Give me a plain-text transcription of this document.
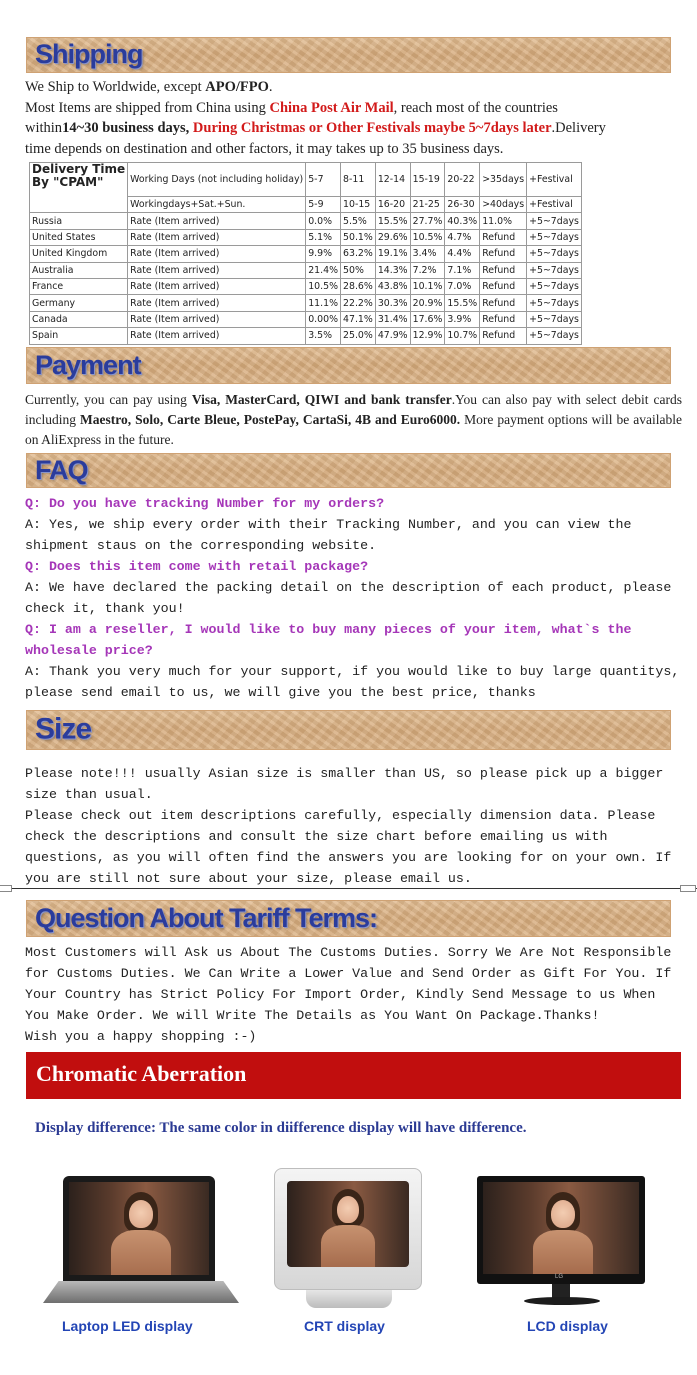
Shipping
We Ship to Worldwide, except APO/FPO.
Most Items are shipped from China using China Post Air Mail, reach most of the countries
within14~30 business days, During Christmas or Other Festivals maybe 5~7days later.Delivery
time depends on destination and other factors, it may takes up to 35 business days.
Delivery Time
By "CPAM"	Working Days (not including holiday)	5-7	8-11	12-14	15-19	20-22	>35days	+Festival
	Workingdays+Sat.+Sun.	5-9	10-15	16-20	21-25	26-30	>40days	+Festival
Russia	Rate (Item arrived)	0.0%	5.5%	15.5%	27.7%	40.3%	11.0%	+5~7days
United States	Rate (Item arrived)	5.1%	50.1%	29.6%	10.5%	4.7%	Refund	+5~7days
United Kingdom	Rate (Item arrived)	9.9%	63.2%	19.1%	3.4%	4.4%	Refund	+5~7days
Australia	Rate (Item arrived)	21.4%	50%	14.3%	7.2%	7.1%	Refund	+5~7days
France	Rate (Item arrived)	10.5%	28.6%	43.8%	10.1%	7.0%	Refund	+5~7days
Germany	Rate (Item arrived)	11.1%	22.2%	30.3%	20.9%	15.5%	Refund	+5~7days
Canada	Rate (Item arrived)	0.00%	47.1%	31.4%	17.6%	3.9%	Refund	+5~7days
Spain	Rate (Item arrived)	3.5%	25.0%	47.9%	12.9%	10.7%	Refund	+5~7days
Payment
Currently, you can pay using Visa, MasterCard, QIWI and bank transfer.You can also pay with select debit cards including Maestro, Solo, Carte Bleue, PostePay, CartaSi, 4B and Euro6000. More payment options will be available on AliExpress in the future.
FAQ
Q: Do you have tracking Number for my orders?
A: Yes, we ship every order with their Tracking Number, and you can view the shipment staus on the corresponding website.
Q: Does this item come with retail package?
A: We have declared the packing detail on the description of each product, please check it, thank you!
Q: I am a reseller, I would like to buy many pieces of your item, what`s the wholesale price?
A: Thank you very much for your support, if you would like to buy large quantitys, please send email to us, we will give you the best price, thanks
Size
Please note!!! usually Asian size is smaller than US, so please pick up a bigger size than usual.
Please check out item descriptions carefully, especially dimension data. Please check the descriptions and consult the size chart before emailing us with questions, as you will often find the answers you are looking for on your own. If you are still not sure about your size, please email us.
Question About Tariff Terms:
Most Customers will Ask us About The Customs Duties. Sorry We Are Not Responsible for Customs Duties. We Can Write a Lower Value and Send Order as Gift For You. If Your Country has Strict Policy For Import Order, Kindly Send Message to us When You Make Order. We will Write The Details as You Want On Package.Thanks!
Wish you a happy shopping :-)
Chromatic Aberration
Display difference: The same color in diifference display will have difference.
LG
Laptop LED display	CRT display	LCD display
